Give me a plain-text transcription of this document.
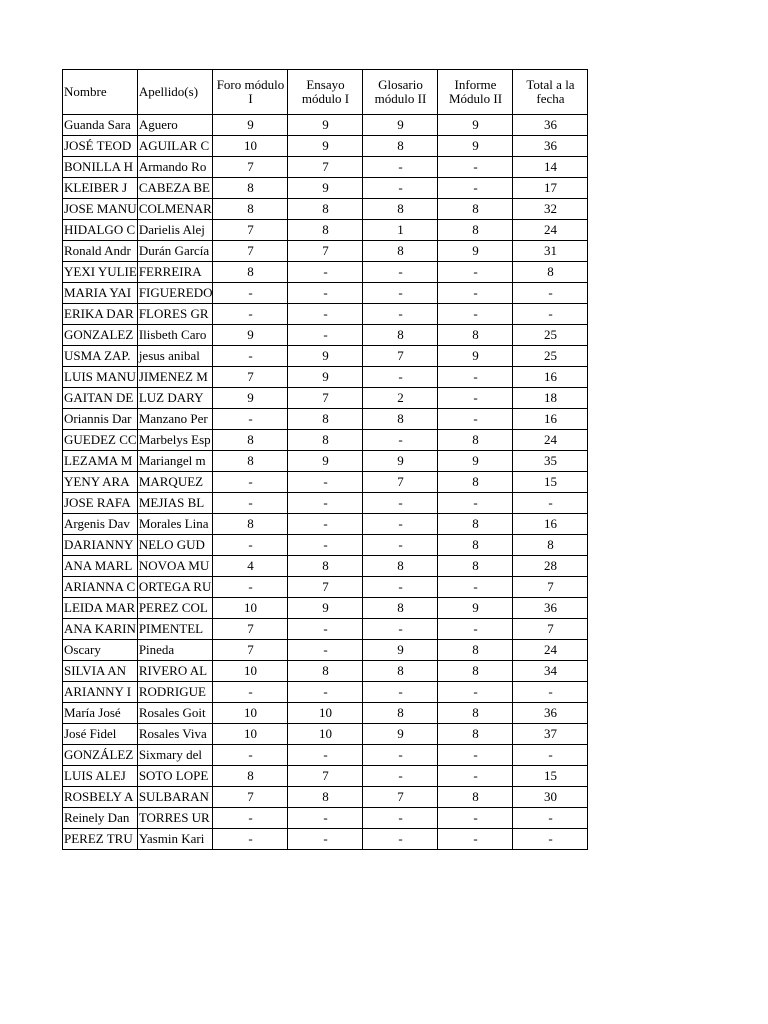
Nombre	Apellido(s)	Foro módulo I	Ensayo módulo I	Glosario módulo II	Informe Módulo II	Total a la fecha
Guanda Sara	Aguero	9	9	9	9	36
JOSÉ TEOD	AGUILAR C	10	9	8	9	36
BONILLA H	Armando Ro	7	7	-	-	14
KLEIBER J	CABEZA BE	8	9	-	-	17
JOSE MANU	COLMENAR	8	8	8	8	32
HIDALGO C	Darielis Alej	7	8	1	8	24
Ronald Andr	Durán García	7	7	8	9	31
YEXI YULIE	FERREIRA	8	-	-	-	8
MARIA YAI	FIGUEREDO	-	-	-	-	-
ERIKA DAR	FLORES GR	-	-	-	-	-
GONZALEZ	Ilisbeth Caro	9	-	8	8	25
USMA ZAP.	jesus anibal	-	9	7	9	25
LUIS MANU	JIMENEZ M	7	9	-	-	16
GAITAN DE	LUZ DARY	9	7	2	-	18
Oriannis Dar	Manzano Per	-	8	8	-	16
GUEDEZ CC	Marbelys Esp	8	8	-	8	24
LEZAMA M	Mariangel m	8	9	9	9	35
YENY ARA	MARQUEZ	-	-	7	8	15
JOSE RAFA	MEJIAS BL	-	-	-	-	-
Argenis Dav	Morales Lina	8	-	-	8	16
DARIANNY	NELO GUD	-	-	-	8	8
ANA MARL	NOVOA MU	4	8	8	8	28
ARIANNA C	ORTEGA RU	-	7	-	-	7
LEIDA MAR	PEREZ COL	10	9	8	9	36
ANA KARIN	PIMENTEL	7	-	-	-	7
Oscary	Pineda	7	-	9	8	24
SILVIA AN	RIVERO AL	10	8	8	8	34
ARIANNY I	RODRIGUE	-	-	-	-	-
María José	Rosales Goit	10	10	8	8	36
José Fidel	Rosales Viva	10	10	9	8	37
GONZÁLEZ	Sixmary del	-	-	-	-	-
LUIS ALEJ	SOTO LOPE	8	7	-	-	15
ROSBELY A	SULBARAN	7	8	7	8	30
Reinely Dan	TORRES UR	-	-	-	-	-
PEREZ TRU	Yasmin Kari	-	-	-	-	-
